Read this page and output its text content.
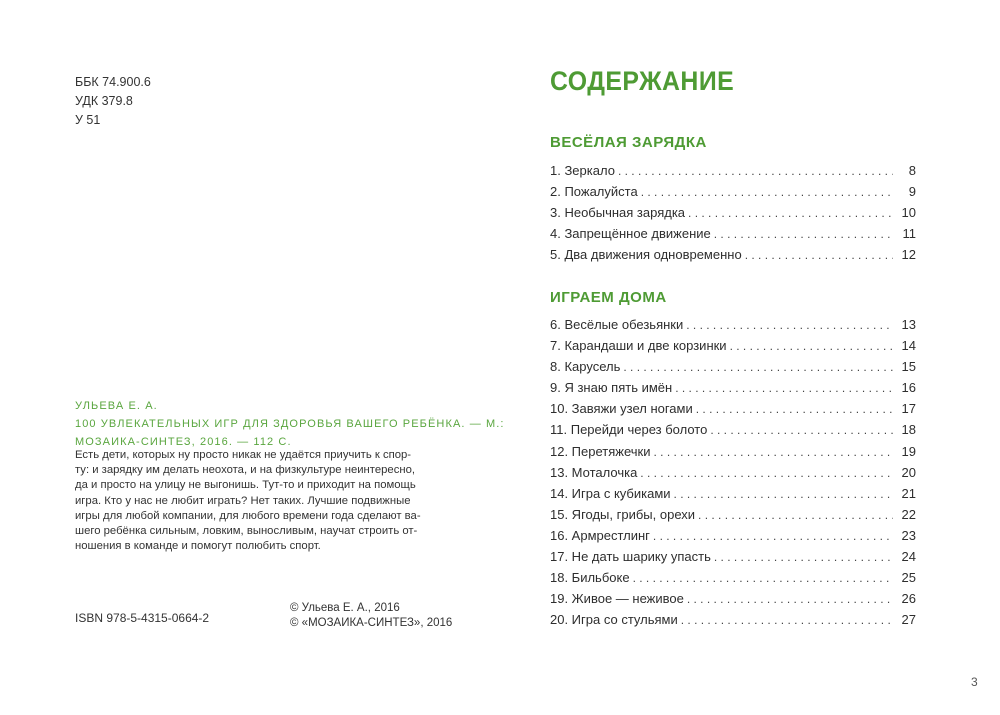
ББК 74.900.6
УДК 379.8
У 51
УЛЬЕВА Е. А.
100 УВЛЕКАТЕЛЬНЫХ ИГР ДЛЯ ЗДОРОВЬЯ ВАШЕГО РЕБЁНКА. — М.:
МОЗАИКА-СИНТЕЗ, 2016. — 112 С.
Есть дети, которых ну просто никак не удаётся приучить к спор-
ту: и зарядку им делать неохота, и на физкультуре неинтересно,
да и просто на улицу не выгонишь. Тут-то и приходит на помощь
игра. Кто у нас не любит играть? Нет таких. Лучшие подвижные
игры для любой компании, для любого времени года сделают ва-
шего ребёнка сильным, ловким, выносливым, научат строить от-
ношения в команде и помогут полюбить спорт.
ISBN 978-5-4315-0664-2
© Ульева Е. А., 2016
© «МОЗАИКА-СИНТЕЗ», 2016
СОДЕРЖАНИЕ
ВЕСЁЛАЯ ЗАРЯДКА
1. Зеркало . . .	8
2. Пожалуйста . . .	9
3. Необычная зарядка . . .	10
4. Запрещённое движение . . .	11
5. Два движения одновременно . . .	12
ИГРАЕМ ДОМА
6. Весёлые обезьянки . . .	13
7. Карандаши и две корзинки . . .	14
8. Карусель . . .	15
9. Я знаю пять имён . . .	16
10. Завяжи узел ногами . . .	17
11. Перейди через болото . . .	18
12. Перетяжечки . . .	19
13. Моталочка . . .	20
14. Игра с кубиками . . .	21
15. Ягоды, грибы, орехи . . .	22
16. Армрестлинг . . .	23
17. Не дать шарику упасть . . .	24
18. Бильбоке . . .	25
19. Живое — неживое . . .	26
20. Игра со стульями . . .	27
3
